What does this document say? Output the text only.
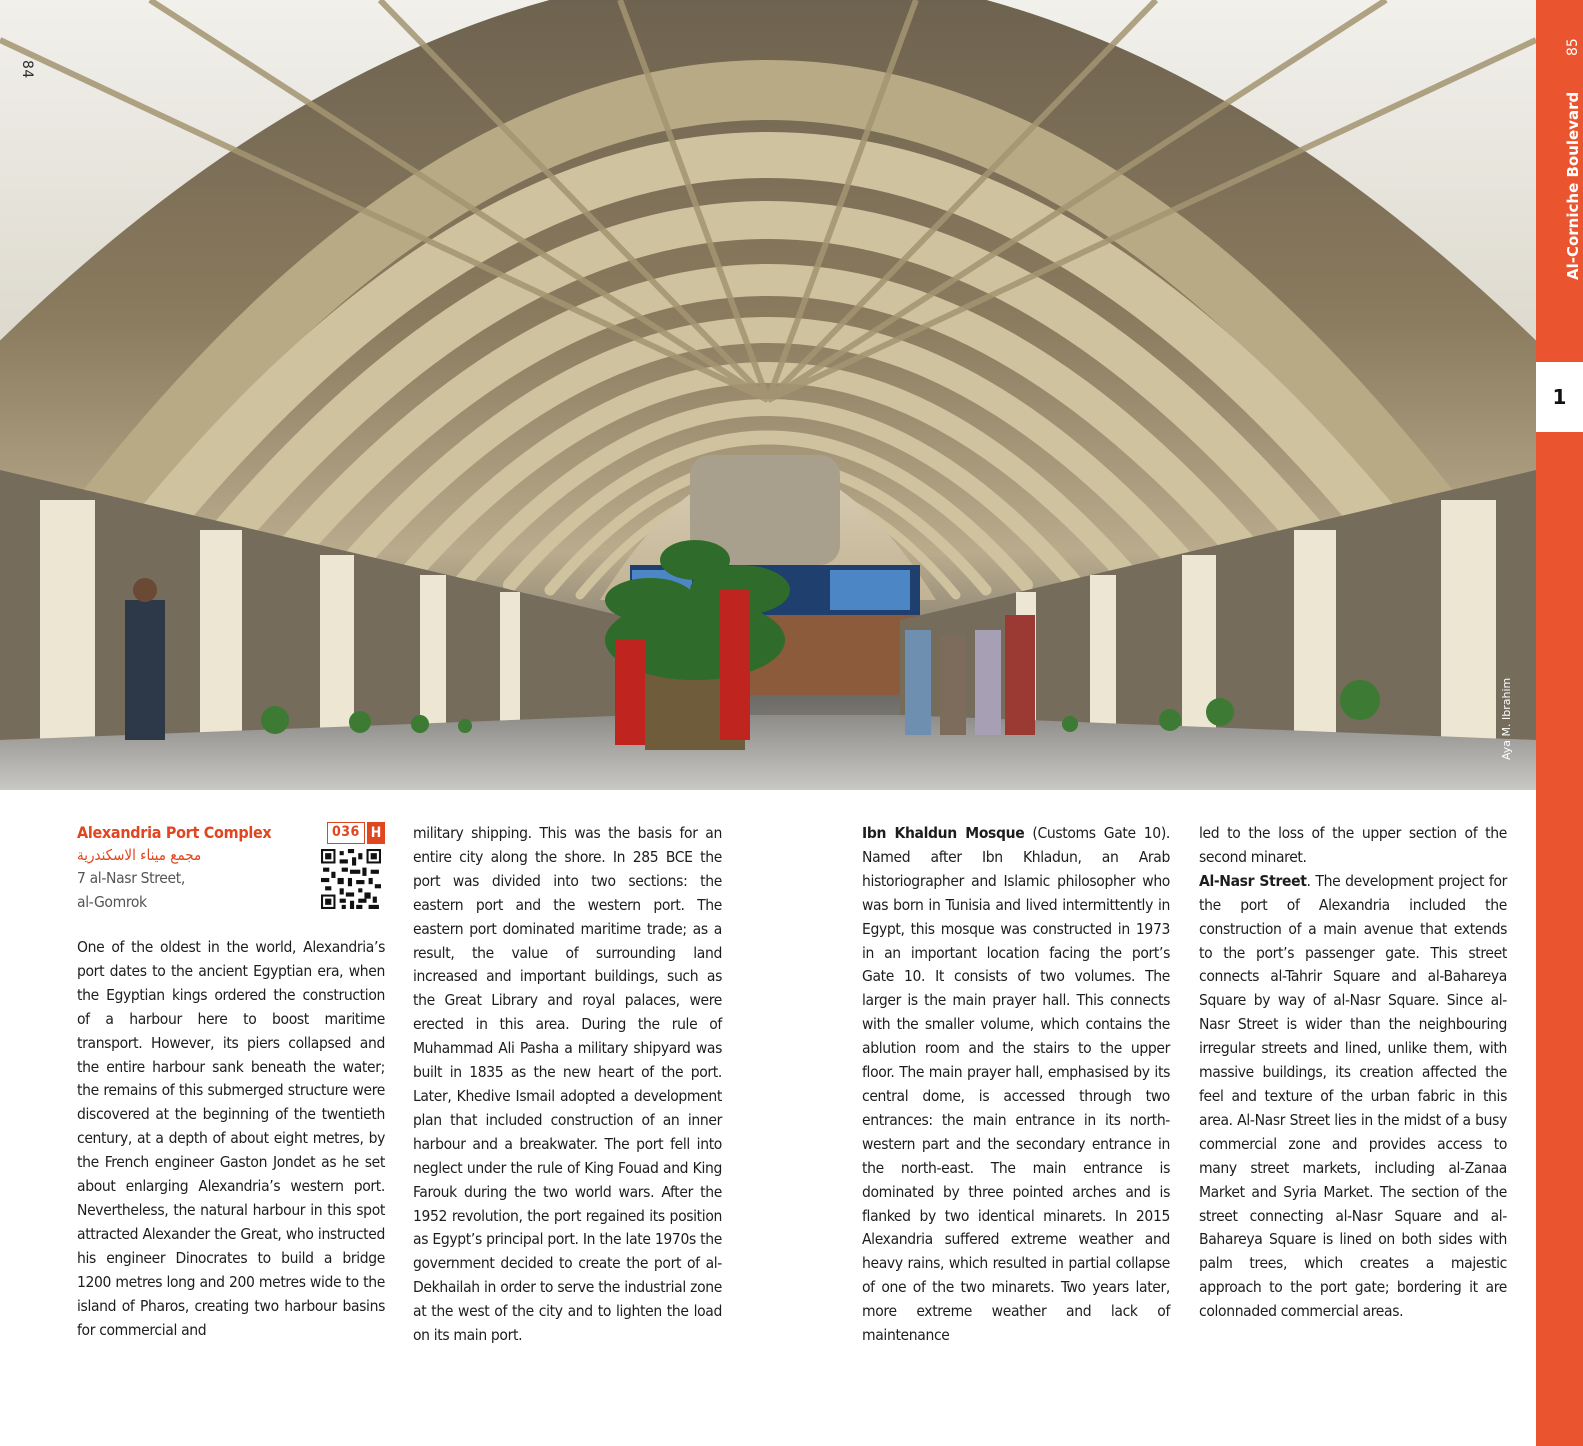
84
Aya M. Ibrahim
85
Al-Corniche Boulevard
1
Alexandria Port Complex
مجمع ميناء الاسكندرية
7 al-Nasr Street,
al-Gomrok
036 H

One of the oldest in the world, Alexandria’s port dates to the ancient Egyptian era, when the Egyptian kings ordered the construction of a harbour here to boost maritime transport. However, its piers collapsed and the entire harbour sank beneath the water; the remains of this submerged structure were discovered at the beginning of the twentieth century, at a depth of about eight metres, by the French engineer Gaston Jondet as he set about enlarging Alexandria’s western port. Nevertheless, the natural harbour in this spot attracted Alexander the Great, who instructed his engineer Dinocrates to build a bridge 1200 metres long and 200 metres wide to the island of Pharos, creating two harbour basins for commercial and

military shipping. This was the basis for an entire city along the shore. In 285 BCE the port was divided into two sections: the eastern port and the western port. The eastern port dominated maritime trade; as a result, the value of surrounding land increased and important buildings, such as the Great Library and royal palaces, were erected in this area. During the rule of Muhammad Ali Pasha a military shipyard was built in 1835 as the new heart of the port. Later, Khedive Ismail adopted a development plan that included construction of an inner harbour and a breakwater. The port fell into neglect under the rule of King Fouad and King Farouk during the two world wars. After the 1952 revolution, the port regained its position as Egypt’s principal port. In the late 1970s the government decided to create the port of al-Dekhailah in order to serve the industrial zone at the west of the city and to lighten the load on its main port.

Ibn Khaldun Mosque (Customs Gate 10). Named after Ibn Khladun, an Arab historiographer and Islamic philosopher who was born in Tunisia and lived intermittently in Egypt, this mosque was constructed in 1973 in an important location facing the port’s Gate 10. It consists of two volumes. The larger is the main prayer hall. This connects with the smaller volume, which contains the ablution room and the stairs to the upper floor. The main prayer hall, emphasised by its central dome, is accessed through two entrances: the main entrance in its north-western part and the secondary entrance in the north-east. The main entrance is dominated by three pointed arches and is flanked by two identical minarets. In 2015 Alexandria suffered extreme weather and heavy rains, which resulted in partial collapse of one of the two minarets. Two years later, more extreme weather and lack of maintenance

led to the loss of the upper section of the second minaret.

Al-Nasr Street. The development project for the port of Alexandria included the construction of a main avenue that extends to the port’s passenger gate. This street connects al-Tahrir Square and al-Bahareya Square by way of al-Nasr Square. Since al-Nasr Street is wider than the neighbouring irregular streets and lined, unlike them, with massive buildings, its creation affected the feel and texture of the urban fabric in this area. Al-Nasr Street lies in the midst of a busy commercial zone and provides access to many street markets, including al-Zanaa Market and Syria Market. The section of the street connecting al-Nasr Square and al-Bahareya Square is lined on both sides with palm trees, which creates a majestic approach to the port gate; bordering it are colonnaded commercial areas.
